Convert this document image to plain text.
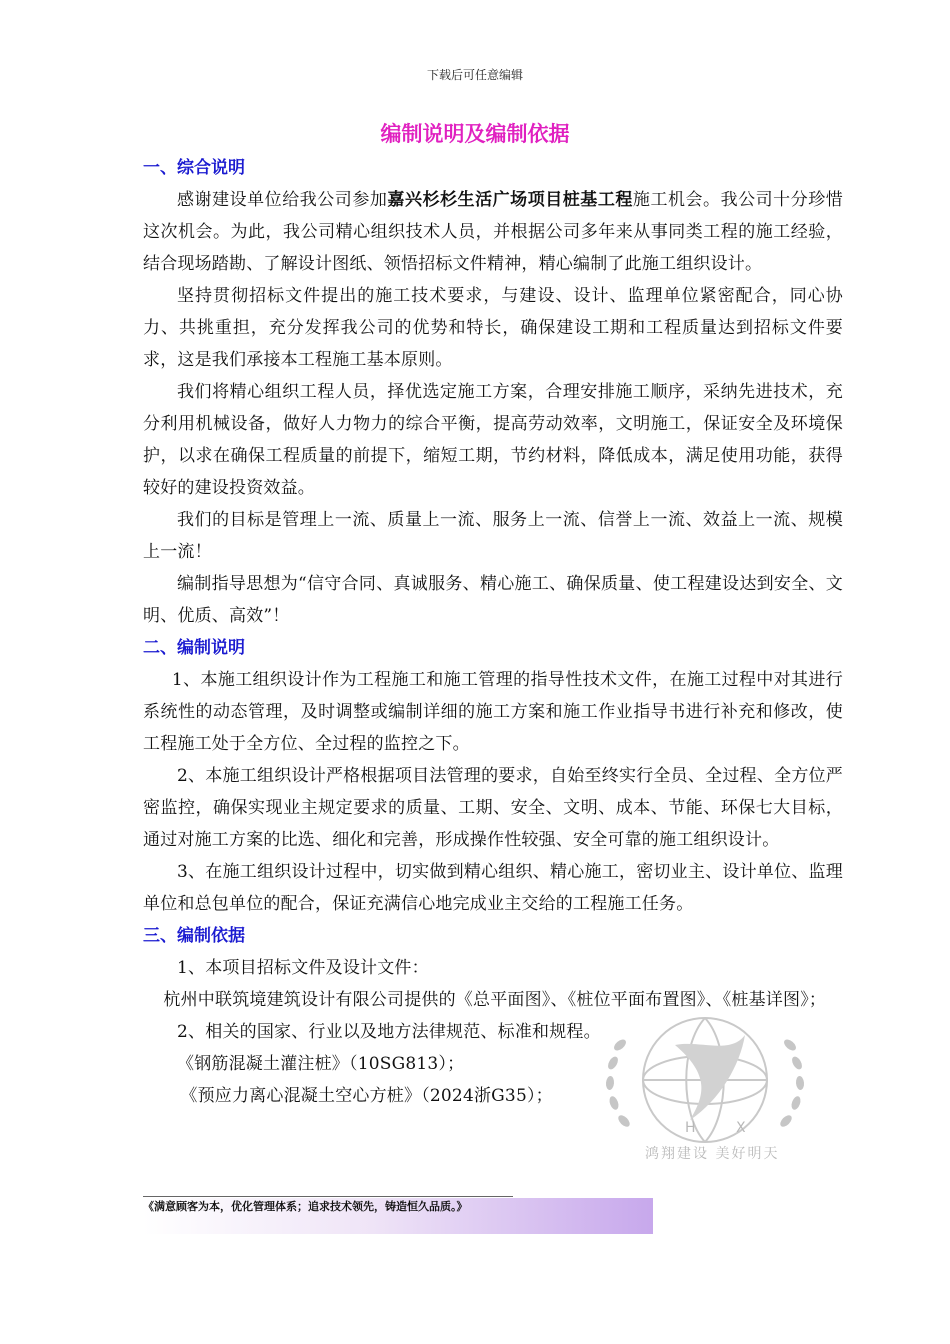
下载后可任意编辑
编制说明及编制依据
一、综合说明

感谢建设单位给我公司参加嘉兴杉杉生活广场项目桩基工程施工机会。我公司十分珍惜这次机会。为此，我公司精心组织技术人员，并根据公司多年来从事同类工程的施工经验，结合现场踏勘、了解设计图纸、领悟招标文件精神，精心编制了此施工组织设计。

坚持贯彻招标文件提出的施工技术要求，与建设、设计、监理单位紧密配合，同心协力、共挑重担，充分发挥我公司的优势和特长，确保建设工期和工程质量达到招标文件要求，这是我们承接本工程施工基本原则。

我们将精心组织工程人员，择优选定施工方案，合理安排施工顺序，采纳先进技术，充分利用机械设备，做好人力物力的综合平衡，提高劳动效率，文明施工，保证安全及环境保护，以求在确保工程质量的前提下，缩短工期，节约材料，降低成本，满足使用功能，获得较好的建设投资效益。

我们的目标是管理上一流、质量上一流、服务上一流、信誉上一流、效益上一流、规模上一流！

编制指导思想为“信守合同、真诚服务、精心施工、确保质量、使工程建设达到安全、文明、优质、高效”！

二、编制说明

1、本施工组织设计作为工程施工和施工管理的指导性技术文件，在施工过程中对其进行系统性的动态管理，及时调整或编制详细的施工方案和施工作业指导书进行补充和修改，使工程施工处于全方位、全过程的监控之下。

2、本施工组织设计严格根据项目法管理的要求，自始至终实行全员、全过程、全方位严密监控，确保实现业主规定要求的质量、工期、安全、文明、成本、节能、环保七大目标，通过对施工方案的比选、细化和完善，形成操作性较强、安全可靠的施工组织设计。

3、在施工组织设计过程中，切实做到精心组织、精心施工，密切业主、设计单位、监理单位和总包单位的配合，保证充满信心地完成业主交给的工程施工任务。

三、编制依据

1、本项目招标文件及设计文件：

杭州中联筑境建筑设计有限公司提供的《总平面图》、《桩位平面布置图》、《桩基详图》；

2、相关的国家、行业以及地方法律规范、标准和规程。

《钢筋混凝土灌注桩》（10SG813）；

《预应力离心混凝土空心方桩》（2024浙G35）；

H X
鸿翔建设 美好明天
《满意顾客为本，优化管理体系；追求技术领先，铸造恒久品质。》
